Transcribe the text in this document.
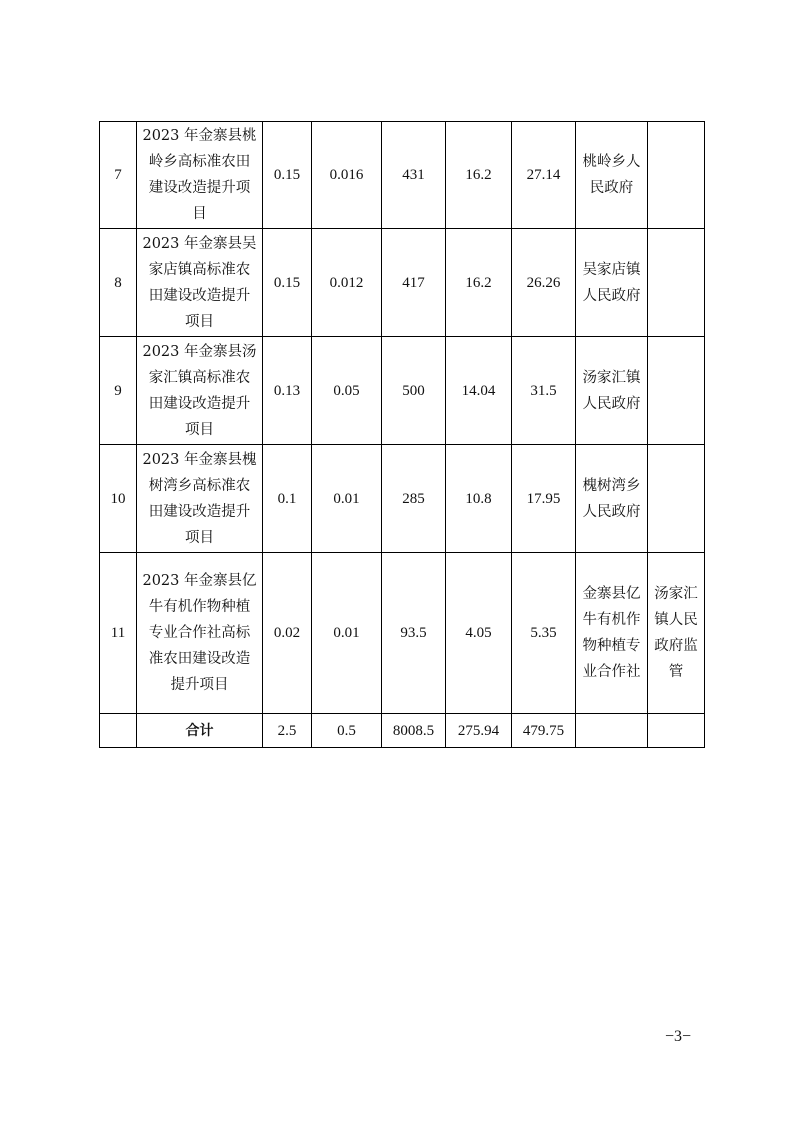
7	2023 年金寨县桃岭乡高标准农田建设改造提升项目	0.15	0.016	431	16.2	27.14	桃岭乡人民政府	
8	2023 年金寨县吴家店镇高标准农田建设改造提升项目	0.15	0.012	417	16.2	26.26	吴家店镇人民政府	
9	2023 年金寨县汤家汇镇高标准农田建设改造提升项目	0.13	0.05	500	14.04	31.5	汤家汇镇人民政府	
10	2023 年金寨县槐树湾乡高标准农田建设改造提升项目	0.1	0.01	285	10.8	17.95	槐树湾乡人民政府	
11	2023 年金寨县亿牛有机作物种植专业合作社高标准农田建设改造提升项目	0.02	0.01	93.5	4.05	5.35	金寨县亿牛有机作物种植专业合作社	汤家汇镇人民政府监管
	合计	2.5	0.5	8008.5	275.94	479.75		
−3−
